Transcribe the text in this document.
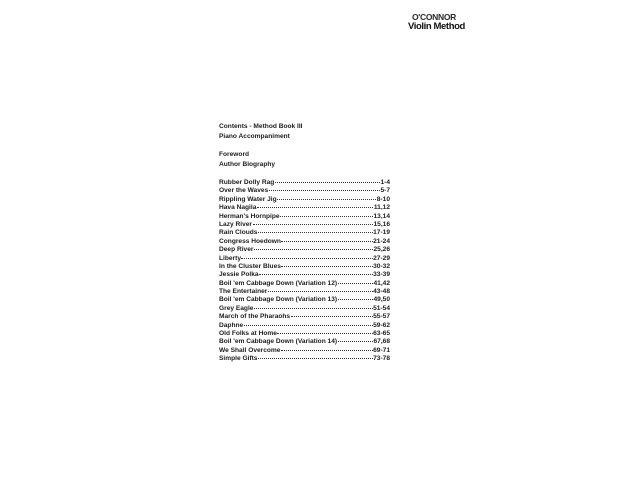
O'CONNOR
Violin Method
Contents - Method Book III
Piano Accompaniment
Foreword
Author Biography
Rubber Dolly Rag	1-4
Over the Waves	5-7
Rippling Water Jig	8-10
Hava Nagila	11,12
Herman's Hornpipe	13,14
Lazy River	15,16
Rain Clouds	17-19
Congress Hoedown	21-24
Deep River	25,26
Liberty	27-29
In the Cluster Blues	30-32
Jessie Polka	33-39
Boil 'em Cabbage Down (Variation 12)	41,42
The Entertainer	43-48
Boil 'em Cabbage Down (Variation 13)	49,50
Grey Eagle	51-54
March of the Pharaohs	55-57
Daphne	59-62
Old Folks at Home	63-65
Boil 'em Cabbage Down (Variation 14)	67,68
We Shall Overcome	69-71
Simple Gifts	73-78
